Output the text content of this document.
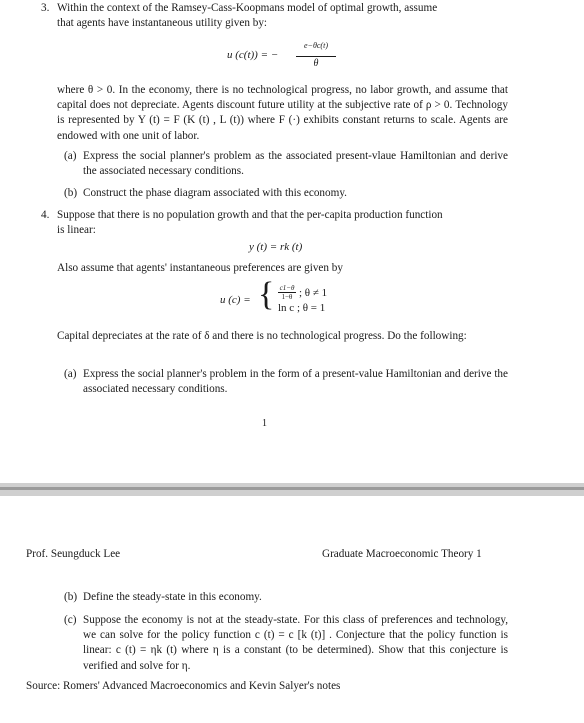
3. Within the context of the Ramsey-Cass-Koopmans model of optimal growth, assume
that agents have instantaneous utility given by:
u (c(t)) = −
e−θc(t)
θ
where θ > 0. In the economy, there is no technological progress, no labor growth, and assume that capital does not depreciate. Agents discount future utility at the subjective rate of ρ > 0. Technology is represented by Y (t) = F (K (t) , L (t)) where F (·) exhibits constant returns to scale. Agents are endowed with one unit of labor.
(a) Express the social planner's problem as the associated present-vlaue Hamiltonian and derive the associated necessary conditions.
(b) Construct the phase diagram associated with this economy.
4. Suppose that there is no population growth and that the per-capita production function
is linear:
y (t) = rk (t)
Also assume that agents' instantaneous preferences are given by
u (c) = { c1−θ
1−θ ; θ ≠ 1
ln c ; θ = 1
Capital depreciates at the rate of δ and there is no technological progress. Do the following:
(a) Express the social planner's problem in the form of a present-value Hamiltonian and derive the associated necessary conditions.
1
Prof. Seungduck Lee	Graduate Macroeconomic Theory 1
(b) Define the steady-state in this economy.
(c) Suppose the economy is not at the steady-state. For this class of preferences and technology, we can solve for the policy function c (t) = c [k (t)] . Conjecture that the policy function is linear: c (t) = ηk (t) where η is a constant (to be determined). Show that this conjecture is verified and solve for η.
Source: Romers' Advanced Macroeconomics and Kevin Salyer's notes
